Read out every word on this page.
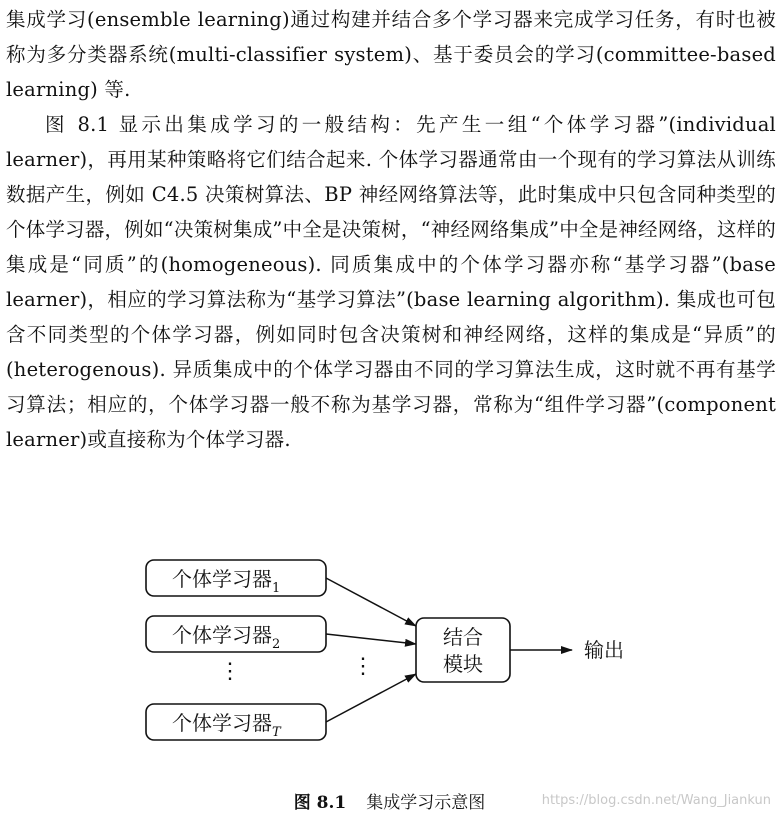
集成学习(ensemble learning)通过构建并结合多个学习器来完成学习任务，有时也被称为多分类器系统(multi-classifier system)、基于委员会的学习(committee-based learning) 等.

图 8.1 显示出集成学习的一般结构：先产生一组“个体学习器”(individual learner)，再用某种策略将它们结合起来. 个体学习器通常由一个现有的学习算法从训练数据产生，例如 C4.5 决策树算法、BP 神经网络算法等，此时集成中只包含同种类型的个体学习器，例如“决策树集成”中全是决策树，“神经网络集成”中全是神经网络，这样的集成是“同质”的(homogeneous). 同质集成中的个体学习器亦称“基学习器”(base learner)，相应的学习算法称为“基学习算法”(base learning algorithm). 集成也可包含不同类型的个体学习器，例如同时包含决策树和神经网络，这样的集成是“异质”的(heterogenous). 异质集成中的个体学习器由不同的学习算法生成，这时就不再有基学习算法；相应的，个体学习器一般不称为基学习器，常称为“组件学习器”(component learner)或直接称为个体学习器.

个体学习器$_1$
个体学习器$_2$
⋮	⋮
个体学习器$_T$
结合
模块
输出
图 8.1 集成学习示意图	https://blog.csdn.net/Wang_Jiankun
